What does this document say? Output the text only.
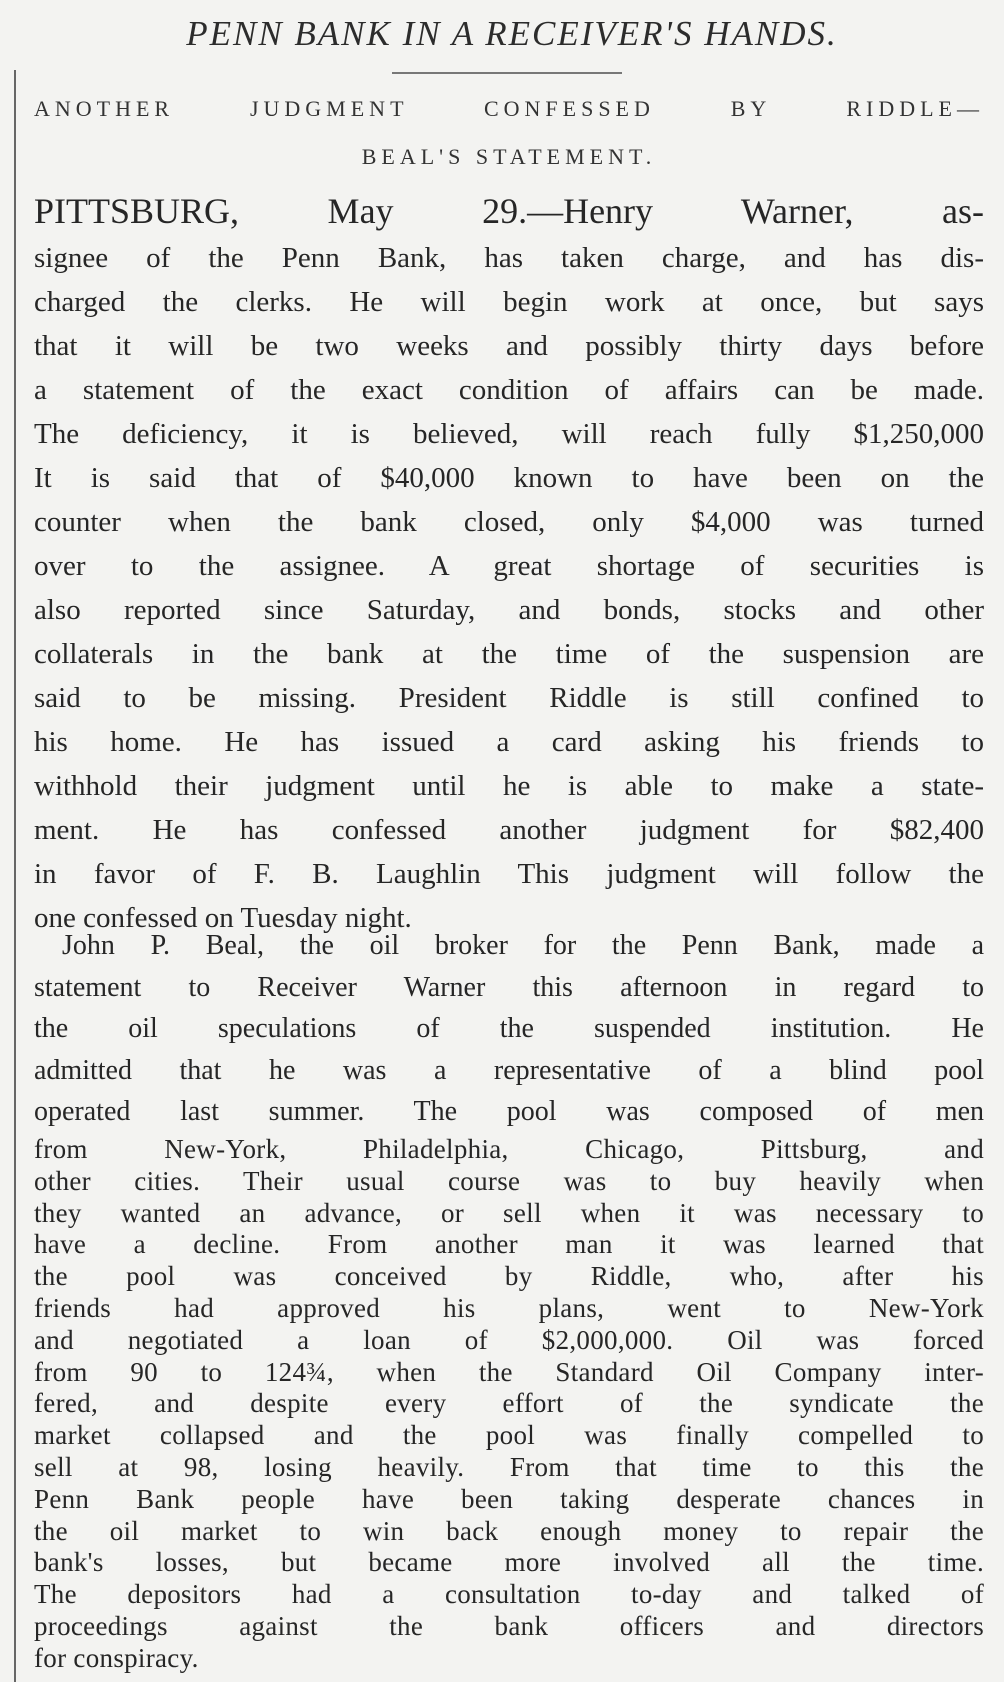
PENN BANK IN A RECEIVER'S HANDS.
ANOTHER JUDGMENT CONFESSED BY RIDDLE—
BEAL'S STATEMENT.
PITTSBURG, May 29.—Henry Warner, as-
signee of the Penn Bank, has taken charge, and has dis-
charged the clerks. He will begin work at once, but says
that it will be two weeks and possibly thirty days before
a statement of the exact condition of affairs can be made.
The deficiency, it is believed, will reach fully $1,250,000
It is said that of $40,000 known to have been on the
counter when the bank closed, only $4,000 was turned
over to the assignee. A great shortage of securities is
also reported since Saturday, and bonds, stocks and other
collaterals in the bank at the time of the suspension are
said to be missing. President Riddle is still confined to
his home. He has issued a card asking his friends to
withhold their judgment until he is able to make a state-
ment. He has confessed another judgment for $82,400
in favor of F. B. Laughlin This judgment will follow the
one confessed on Tuesday night.
John P. Beal, the oil broker for the Penn Bank, made a
statement to Receiver Warner this afternoon in regard to
the oil speculations of the suspended institution. He
admitted that he was a representative of a blind pool
operated last summer. The pool was composed of men
from New-York, Philadelphia, Chicago, Pittsburg, and
other cities. Their usual course was to buy heavily when
they wanted an advance, or sell when it was necessary to
have a decline. From another man it was learned that
the pool was conceived by Riddle, who, after his
friends had approved his plans, went to New-York
and negotiated a loan of $2,000,000. Oil was forced
from 90 to 124¾, when the Standard Oil Company inter-
fered, and despite every effort of the syndicate the
market collapsed and the pool was finally compelled to
sell at 98, losing heavily. From that time to this the
Penn Bank people have been taking desperate chances in
the oil market to win back enough money to repair the
bank's losses, but became more involved all the time.
The depositors had a consultation to-day and talked of
proceedings against the bank officers and directors
for conspiracy.
